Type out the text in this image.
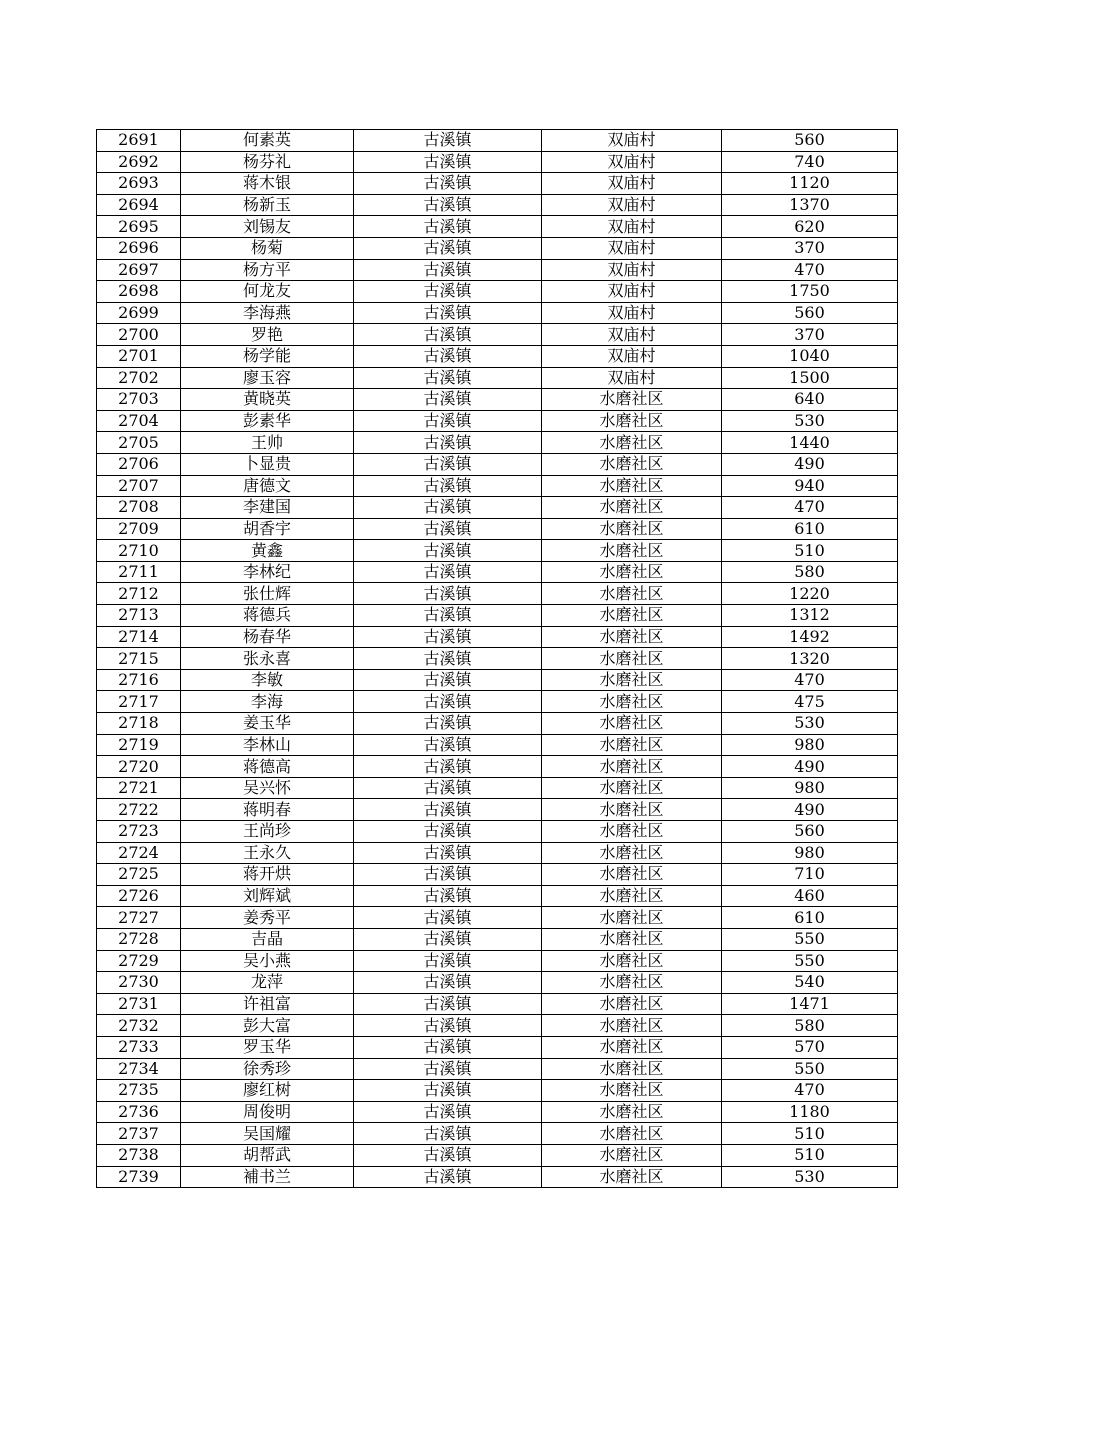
2691	何素英	古溪镇	双庙村	560
2692	杨芬礼	古溪镇	双庙村	740
2693	蒋木银	古溪镇	双庙村	1120
2694	杨新玉	古溪镇	双庙村	1370
2695	刘锡友	古溪镇	双庙村	620
2696	杨菊	古溪镇	双庙村	370
2697	杨方平	古溪镇	双庙村	470
2698	何龙友	古溪镇	双庙村	1750
2699	李海燕	古溪镇	双庙村	560
2700	罗艳	古溪镇	双庙村	370
2701	杨学能	古溪镇	双庙村	1040
2702	廖玉容	古溪镇	双庙村	1500
2703	黄晓英	古溪镇	水磨社区	640
2704	彭素华	古溪镇	水磨社区	530
2705	王帅	古溪镇	水磨社区	1440
2706	卜显贵	古溪镇	水磨社区	490
2707	唐德文	古溪镇	水磨社区	940
2708	李建国	古溪镇	水磨社区	470
2709	胡香宇	古溪镇	水磨社区	610
2710	黄鑫	古溪镇	水磨社区	510
2711	李林纪	古溪镇	水磨社区	580
2712	张仕辉	古溪镇	水磨社区	1220
2713	蒋德兵	古溪镇	水磨社区	1312
2714	杨春华	古溪镇	水磨社区	1492
2715	张永喜	古溪镇	水磨社区	1320
2716	李敏	古溪镇	水磨社区	470
2717	李海	古溪镇	水磨社区	475
2718	姜玉华	古溪镇	水磨社区	530
2719	李林山	古溪镇	水磨社区	980
2720	蒋德高	古溪镇	水磨社区	490
2721	吴兴怀	古溪镇	水磨社区	980
2722	蒋明春	古溪镇	水磨社区	490
2723	王尚珍	古溪镇	水磨社区	560
2724	王永久	古溪镇	水磨社区	980
2725	蒋开烘	古溪镇	水磨社区	710
2726	刘辉斌	古溪镇	水磨社区	460
2727	姜秀平	古溪镇	水磨社区	610
2728	吉晶	古溪镇	水磨社区	550
2729	吴小燕	古溪镇	水磨社区	550
2730	龙萍	古溪镇	水磨社区	540
2731	许祖富	古溪镇	水磨社区	1471
2732	彭大富	古溪镇	水磨社区	580
2733	罗玉华	古溪镇	水磨社区	570
2734	徐秀珍	古溪镇	水磨社区	550
2735	廖红树	古溪镇	水磨社区	470
2736	周俊明	古溪镇	水磨社区	1180
2737	吴国耀	古溪镇	水磨社区	510
2738	胡帮武	古溪镇	水磨社区	510
2739	補书兰	古溪镇	水磨社区	530
